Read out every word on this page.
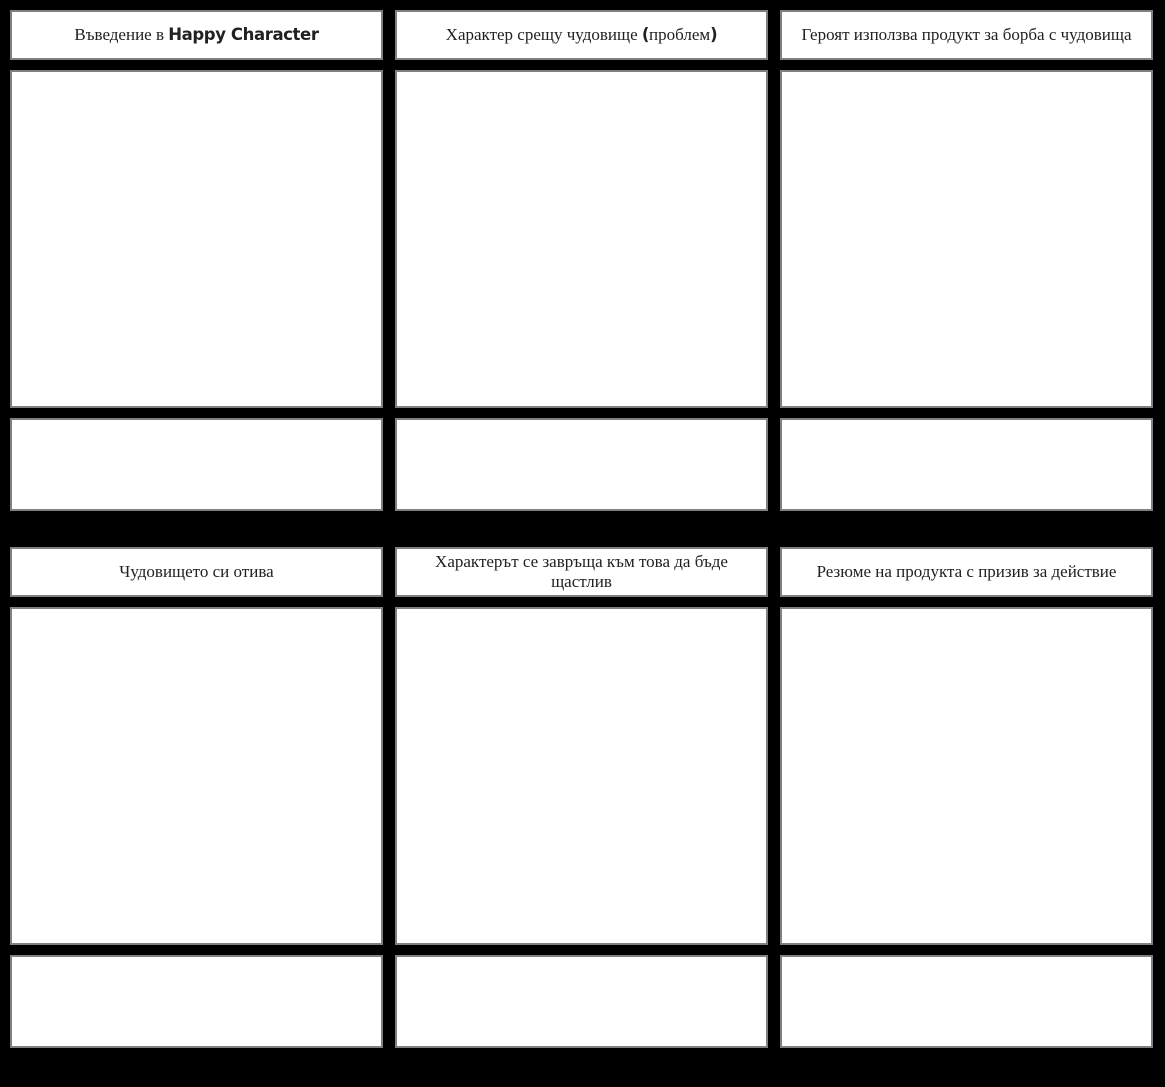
Въведение в Happy Character	Характер срещу чудовище (проблем)	Героят използва продукт за борба с чудовища
Чудовището си отива
Характерът се завръща към това да бъде щастлив
Резюме на продукта с призив за действие
